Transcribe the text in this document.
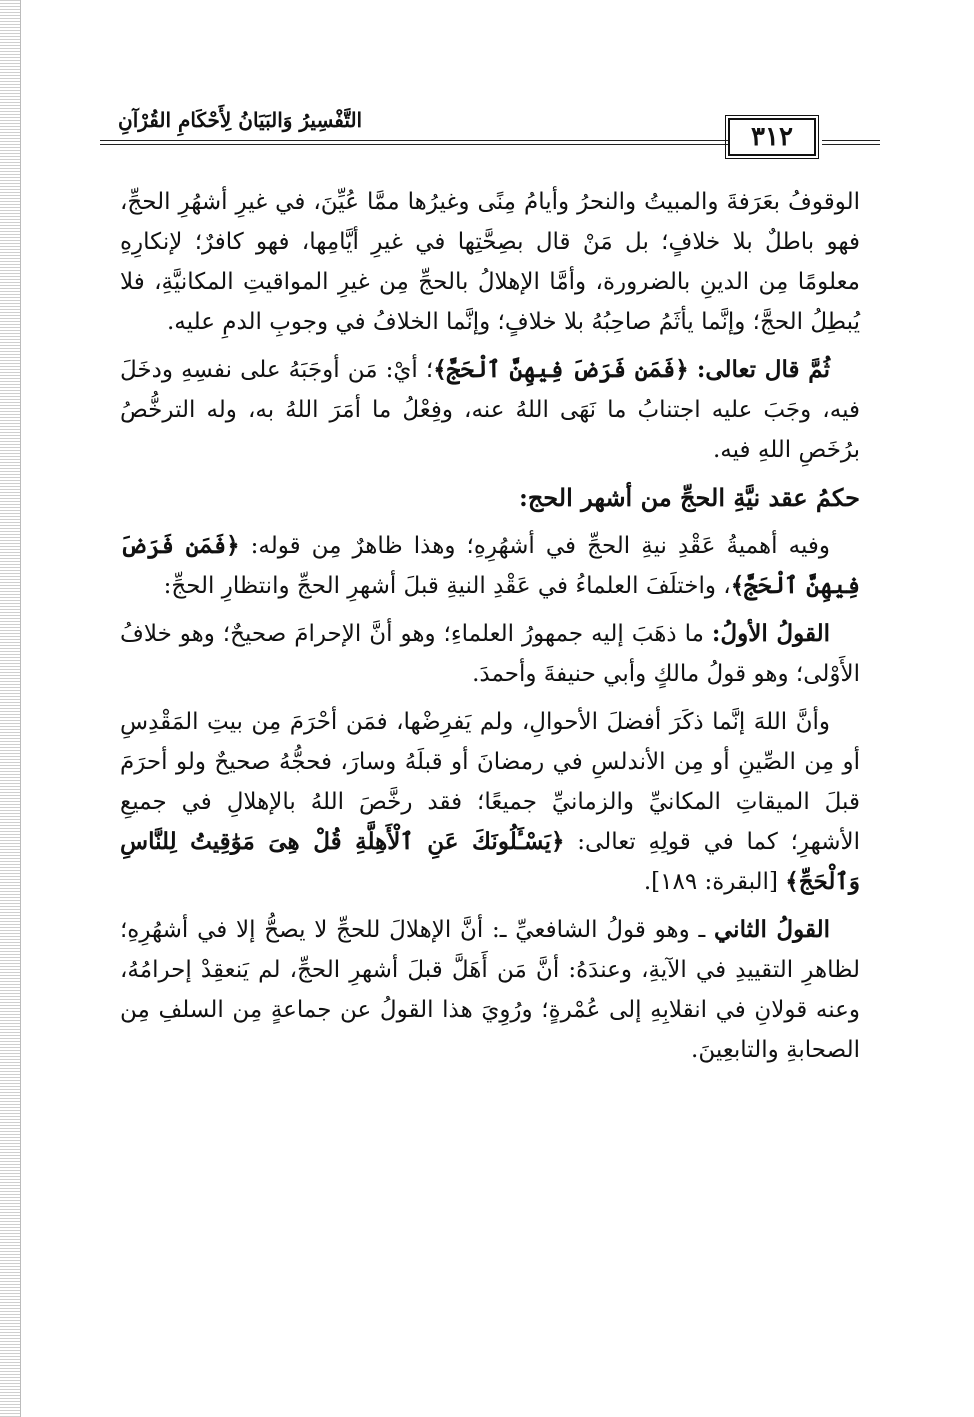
التَّفْسِيرُ وَالبَيَانُ لِأَحْكَامِ القُرْآنِ
٣١٢

الوقوفُ بعَرَفةَ والمبيتُ والنحرُ وأيامُ مِنًى وغيرُها ممَّا عُيِّنَ، في غيرِ أشهُرِ الحجِّ، فهو باطلٌ بلا خلافٍ؛ بل مَنْ قال بصِحَّتِها في غيرِ أيَّامِها، فهو كافرٌ؛ لإنكارِهِ معلومًا مِن الدينِ بالضرورة، وأمَّا الإهلالُ بالحجِّ مِن غيرِ المواقيتِ المكانيَّةِ، فلا يُبطِلُ الحجَّ؛ وإنَّما يأثَمُ صاحِبُهُ بلا خلافٍ؛ وإنَّما الخلافُ في وجوبِ الدمِ عليه.

ثُمَّ قال تعالى: ﴿فَمَن فَرَضَ فِيهِنَّ ٱلْحَجَّ﴾؛ أيْ: مَن أوجَبَهُ على نفسِهِ ودخَلَ فيه، وجَبَ عليه اجتنابُ ما نَهَى اللهُ عنه، وفِعْلُ ما أمَرَ اللهُ به، وله الترخُّصُ برُخَصِ اللهِ فيه.

حكمُ عقد نيَّةِ الحجِّ من أشهر الحج:

وفيه أهميةُ عَقْدِ نيةِ الحجِّ في أشهُرِهِ؛ وهذا ظاهرٌ مِن قوله: ﴿فَمَن فَرَضَ فِيهِنَّ ٱلْحَجَّ﴾، واختلَفَ العلماءُ في عَقْدِ النيةِ قبلَ أشهرِ الحجِّ وانتظارِ الحجِّ:

القولُ الأولُ: ما ذهَبَ إليه جمهورُ العلماءِ؛ وهو أنَّ الإحرامَ صحيحٌ؛ وهو خلافُ الأَوْلى؛ وهو قولُ مالكٍ وأبي حنيفةَ وأحمدَ.

وأنَّ اللهَ إنَّما ذكَرَ أفضلَ الأحوالِ، ولم يَفرِضْها، فمَن أحْرَمَ مِن بيتِ المَقْدِسِ أو مِن الصِّينِ أو مِن الأندلسِ في رمضانَ أو قبلَهُ وسارَ، فحجُّهُ صحيحٌ ولو أحرَمَ قبلَ الميقاتِ المكانيِّ والزمانيِّ جميعًا؛ فقد رخَّصَ اللهُ بالإهلالِ في جميعِ الأشهرِ؛ كما في قولِهِ تعالى: ﴿يَسْـَٔلُونَكَ عَنِ ٱلْأَهِلَّةِ قُلْ هِىَ مَوَٰقِيتُ لِلنَّاسِ وَٱلْحَجِّ﴾ [البقرة: ١٨٩].

القولُ الثاني ـ وهو قولُ الشافعيِّ ـ: أنَّ الإهلالَ للحجِّ لا يصحُّ إلا في أشهُرِهِ؛ لظاهرِ التقييدِ في الآيةِ، وعندَهُ: أنَّ مَن أَهَلَّ قبلَ أشهرِ الحجِّ، لم يَنعقِدْ إحرامُهُ، وعنه قولانِ في انقلابِهِ إلى عُمْرةٍ؛ ورُوِيَ هذا القولُ عن جماعةٍ مِن السلفِ مِن الصحابةِ والتابعِينَ.
